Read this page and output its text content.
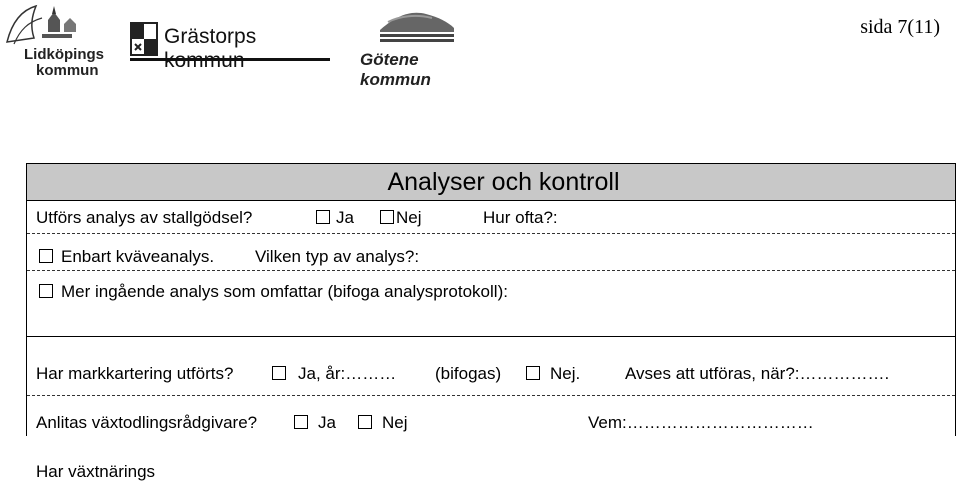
Lidköpings
kommun
Grästorps
Götene kommun
sida 7(11)
Analyser och kontroll
Utförs analys av stallgödsel?	Ja	Nej	Hur ofta?:
Enbart kväveanalys. Vilken typ av analys?:
Mer ingående analys som omfattar (bifoga analysprotokoll):
Har markkartering utförts?	Ja, år:……… (bifogas)	Nej.	Avses att utföras, när?:…………….
Anlitas växtodlingsrådgivare?	Ja	Nej	Vem:……………………………
Har växtnärings
